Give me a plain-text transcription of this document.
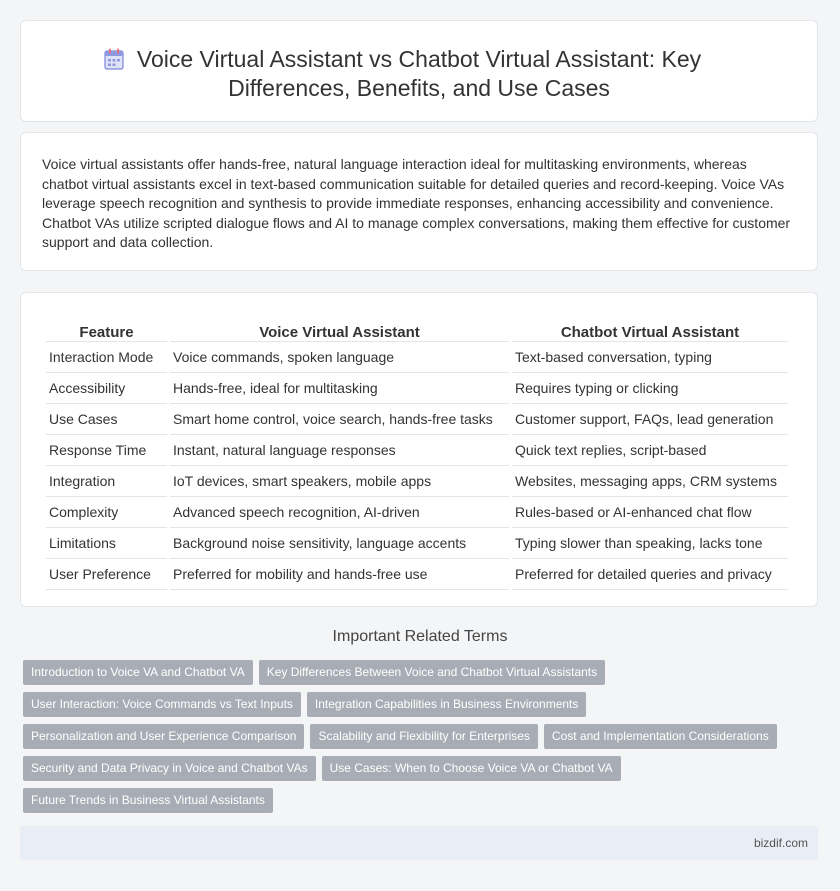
Voice Virtual Assistant vs Chatbot Virtual Assistant: Key Differences, Benefits, and Use Cases

Voice virtual assistants offer hands-free, natural language interaction ideal for multitasking environments, whereas chatbot virtual assistants excel in text-based communication suitable for detailed queries and record-keeping. Voice VAs leverage speech recognition and synthesis to provide immediate responses, enhancing accessibility and convenience. Chatbot VAs utilize scripted dialogue flows and AI to manage complex conversations, making them effective for customer support and data collection.

Feature	Voice Virtual Assistant	Chatbot Virtual Assistant
Interaction Mode	Voice commands, spoken language	Text-based conversation, typing
Accessibility	Hands-free, ideal for multitasking	Requires typing or clicking
Use Cases	Smart home control, voice search, hands-free tasks	Customer support, FAQs, lead generation
Response Time	Instant, natural language responses	Quick text replies, script-based
Integration	IoT devices, smart speakers, mobile apps	Websites, messaging apps, CRM systems
Complexity	Advanced speech recognition, AI-driven	Rules-based or AI-enhanced chat flow
Limitations	Background noise sensitivity, language accents	Typing slower than speaking, lacks tone
User Preference	Preferred for mobility and hands-free use	Preferred for detailed queries and privacy
Important Related Terms
Introduction to Voice VA and Chatbot VA	Key Differences Between Voice and Chatbot Virtual Assistants
User Interaction: Voice Commands vs Text Inputs	Integration Capabilities in Business Environments
Personalization and User Experience Comparison	Scalability and Flexibility for Enterprises	Cost and Implementation Considerations
Security and Data Privacy in Voice and Chatbot VAs	Use Cases: When to Choose Voice VA or Chatbot VA
Future Trends in Business Virtual Assistants
bizdif.com
